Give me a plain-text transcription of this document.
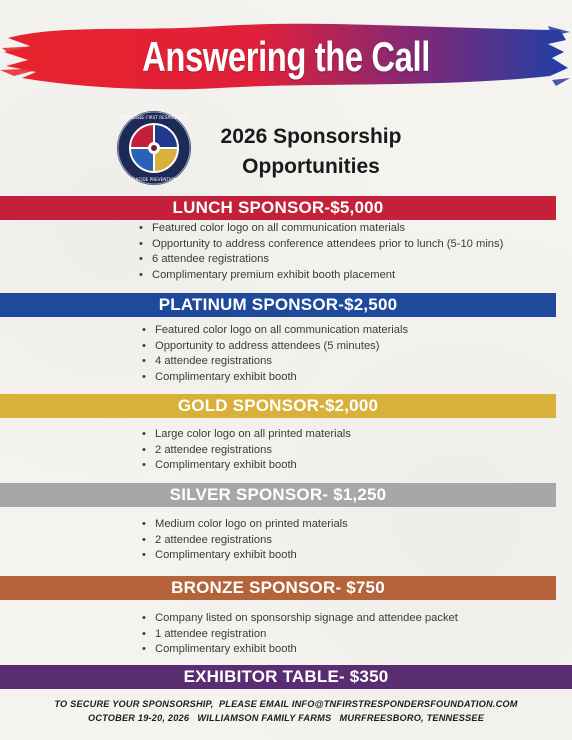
Answering the Call
TENNESSEE FIRST RESPONDERS
SUICIDE PREVENTION
2026 Sponsorship
Opportunities
LUNCH SPONSOR-$5,000
• Featured color logo on all communication materials
• Opportunity to address conference attendees prior to lunch (5-10 mins)
• 6 attendee registrations
• Complimentary premium exhibit booth placement
PLATINUM SPONSOR-$2,500
• Featured color logo on all communication materials
• Opportunity to address attendees (5 minutes)
• 4 attendee registrations
• Complimentary exhibit booth
GOLD SPONSOR-$2,000
• Large color logo on all printed materials
• 2 attendee registrations
• Complimentary exhibit booth
SILVER SPONSOR- $1,250
• Medium color logo on printed materials
• 2 attendee registrations
• Complimentary exhibit booth
BRONZE SPONSOR- $750
• Company listed on sponsorship signage and attendee packet
• 1 attendee registration
• Complimentary exhibit booth
EXHIBITOR TABLE- $350
TO SECURE YOUR SPONSORSHIP,  PLEASE EMAIL INFO@TNFIRSTRESPONDERSFOUNDATION.COM
OCTOBER 19-20, 2026   WILLIAMSON FAMILY FARMS   MURFREESBORO, TENNESSEE
